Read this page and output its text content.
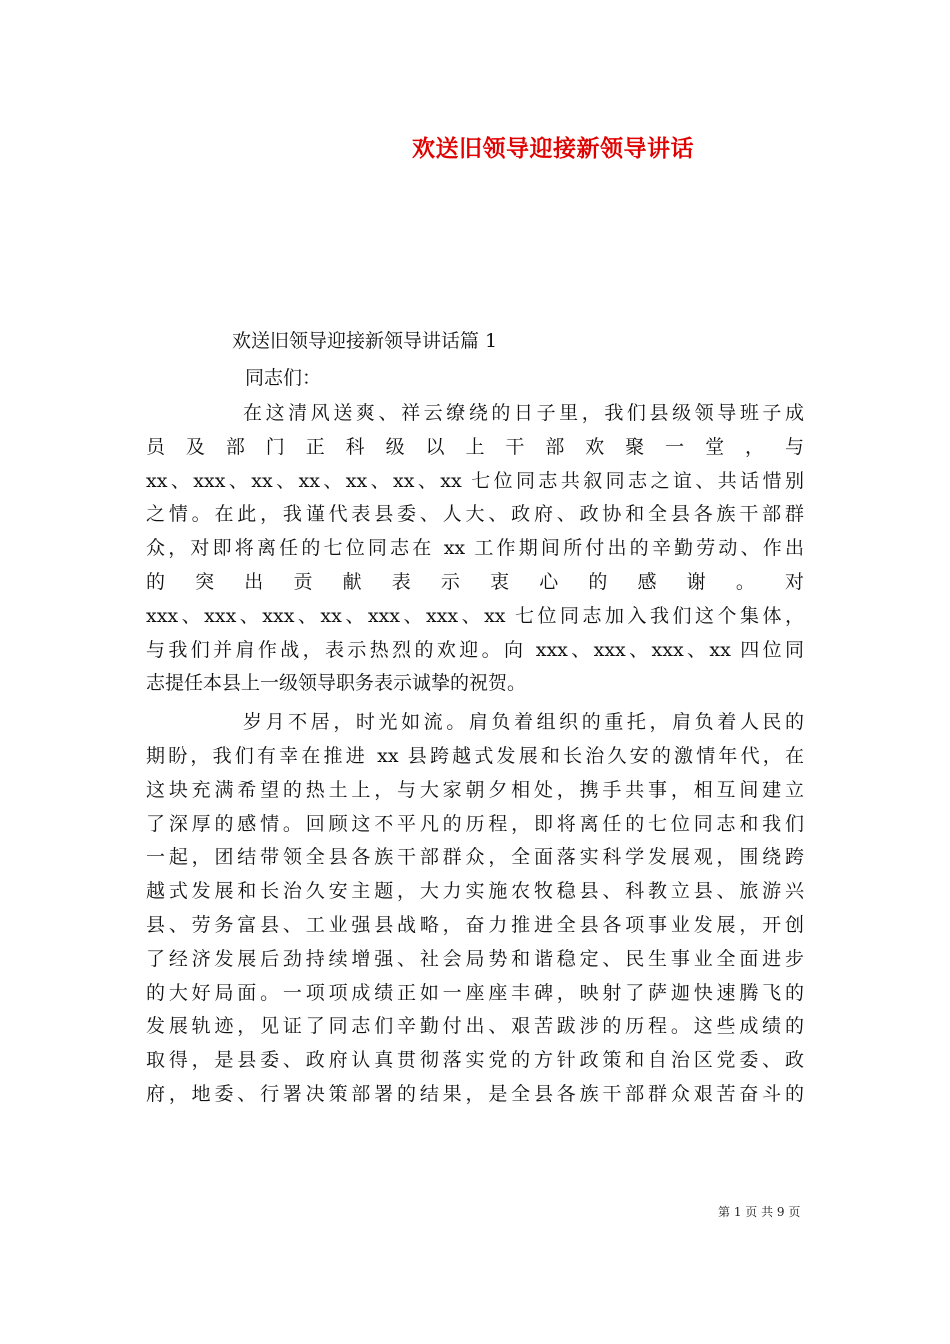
欢送旧领导迎接新领导讲话
欢送旧领导迎接新领导讲话篇 1
同志们：
在这清风送爽、祥云缭绕的日子里，我们县级领导班子成
员及部门正科级以上干部欢聚一堂，与
xx、xxx、xx、xx、xx、xx、xx 七位同志共叙同志之谊、共话惜别
之情。在此，我谨代表县委、人大、政府、政协和全县各族干部群
众，对即将离任的七位同志在 xx 工作期间所付出的辛勤劳动、作出
的突出贡献表示衷心的感谢。对
xxx、xxx、xxx、xx、xxx、xxx、xx 七位同志加入我们这个集体，
与我们并肩作战，表示热烈的欢迎。向 xxx、xxx、xxx、xx 四位同
志提任本县上一级领导职务表示诚挚的祝贺。
岁月不居，时光如流。肩负着组织的重托，肩负着人民的
期盼，我们有幸在推进 xx 县跨越式发展和长治久安的激情年代，在
这块充满希望的热土上，与大家朝夕相处，携手共事，相互间建立
了深厚的感情。回顾这不平凡的历程，即将离任的七位同志和我们
一起，团结带领全县各族干部群众，全面落实科学发展观，围绕跨
越式发展和长治久安主题，大力实施农牧稳县、科教立县、旅游兴
县、劳务富县、工业强县战略，奋力推进全县各项事业发展，开创
了经济发展后劲持续增强、社会局势和谐稳定、民生事业全面进步
的大好局面。一项项成绩正如一座座丰碑，映射了萨迦快速腾飞的
发展轨迹，见证了同志们辛勤付出、艰苦跋涉的历程。这些成绩的
取得，是县委、政府认真贯彻落实党的方针政策和自治区党委、政
府，地委、行署决策部署的结果，是全县各族干部群众艰苦奋斗的
第 1 页 共 9 页
